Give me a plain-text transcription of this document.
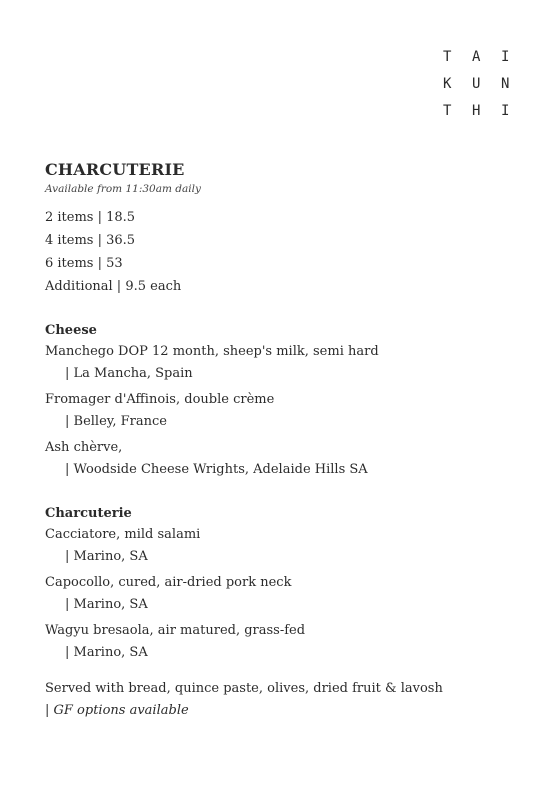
T	A	I
K	U	N
T	H	I
CHARCUTERIE
Available from 11:30am daily

2 items | 18.5

4 items | 36.5

6 items | 53

Additional | 9.5 each

Cheese
Manchego DOP 12 month, sheep's milk, semi hard
| La Mancha, Spain
Fromager d'Affinois, double crème
| Belley, France
Ash chèrve,
| Woodside Cheese Wrights, Adelaide Hills SA
Charcuterie
Cacciatore, mild salami
| Marino, SA
Capocollo, cured, air-dried pork neck
| Marino, SA
Wagyu bresaola, air matured, grass-fed
| Marino, SA
Served with bread, quince paste, olives, dried fruit & lavosh
| GF options available
